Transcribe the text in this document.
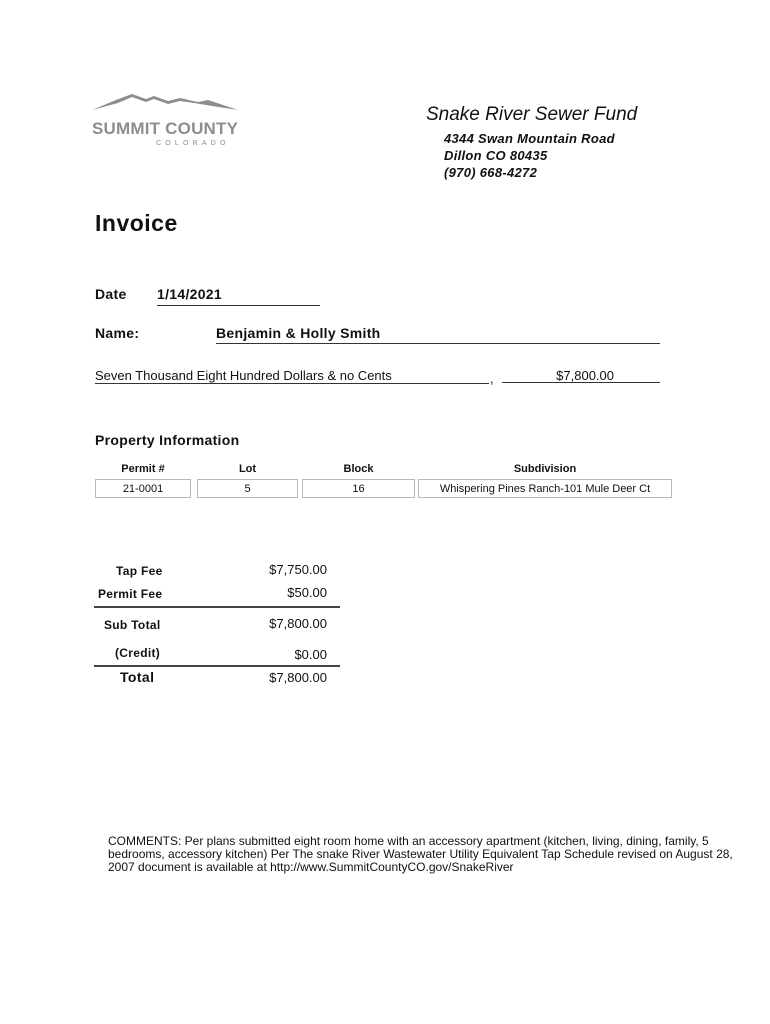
SUMMIT COUNTY
COLORADO
Snake River Sewer Fund
4344 Swan Mountain Road
Dillon CO 80435
(970) 668-4272
Invoice
Date 1/14/2021
Name:	Benjamin & Holly Smith
Seven Thousand Eight Hundred Dollars & no Cents	,	$7,800.00
Property Information
Permit #	Lot	Block	Subdivision
21-0001	5	16	Whispering Pines Ranch-101 Mule Deer Ct
Tap Fee	$7,750.00
Permit Fee	$50.00
Sub Total	$7,800.00
(Credit)	$0.00
Total	$7,800.00
COMMENTS: Per plans submitted eight room home with an accessory apartment (kitchen, living, dining, family, 5 bedrooms, accessory kitchen) Per The snake River Wastewater Utility Equivalent Tap Schedule revised on August 28, 2007 document is available at http://www.SummitCountyCO.gov/SnakeRiver
